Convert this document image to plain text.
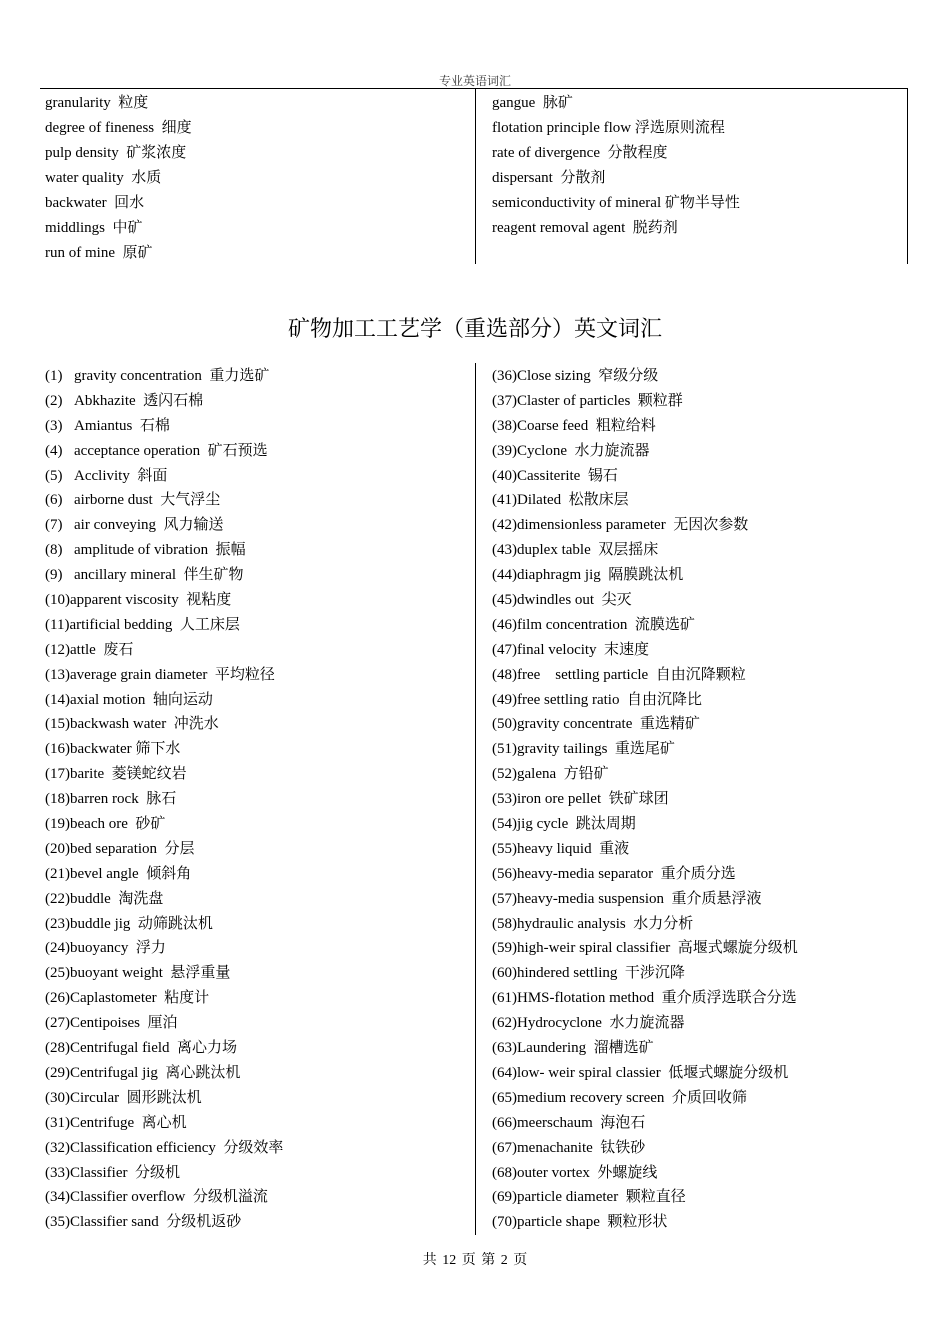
专业英语词汇
granularity  粒度
degree of fineness  细度
pulp density  矿浆浓度
water quality  水质
backwater  回水
middlings  中矿
run of mine  原矿
gangue  脉矿
flotation principle flow 浮选原则流程
rate of divergence  分散程度
dispersant  分散剂
semiconductivity of mineral 矿物半导性
reagent removal agent  脱药剂
矿物加工工艺学（重选部分）英文词汇
(1) gravity concentration  重力选矿
(2) Abkhazite  透闪石棉
(3) Amiantus  石棉
(4) acceptance operation  矿石预选
(5) Acclivity  斜面
(6) airborne dust  大气浮尘
(7) air conveying  风力输送
(8) amplitude of vibration  振幅
(9) ancillary mineral  伴生矿物
(10)apparent viscosity  视粘度
(11)artificial bedding  人工床层
(12)attle  废石
(13)average grain diameter  平均粒径
(14)axial motion  轴向运动
(15)backwash water  冲洗水
(16)backwater 筛下水
(17)barite  菱镁蛇纹岩
(18)barren rock  脉石
(19)beach ore  砂矿
(20)bed separation  分层
(21)bevel angle  倾斜角
(22)buddle  淘洗盘
(23)buddle jig  动筛跳汰机
(24)buoyancy  浮力
(25)buoyant weight  悬浮重量
(26)Caplastometer  粘度计
(27)Centipoises  厘泊
(28)Centrifugal field  离心力场
(29)Centrifugal jig  离心跳汰机
(30)Circular  圆形跳汰机
(31)Centrifuge  离心机
(32)Classification efficiency  分级效率
(33)Classifier  分级机
(34)Classifier overflow  分级机溢流
(35)Classifier sand  分级机返砂
(36)Close sizing  窄级分级
(37)Claster of particles  颗粒群
(38)Coarse feed  粗粒给料
(39)Cyclone  水力旋流器
(40)Cassiterite  锡石
(41)Dilated  松散床层
(42)dimensionless parameter  无因次参数
(43)duplex table  双层摇床
(44)diaphragm jig  隔膜跳汰机
(45)dwindles out  尖灭
(46)film concentration  流膜选矿
(47)final velocity  末速度
(48)free    settling particle  自由沉降颗粒
(49)free settling ratio  自由沉降比
(50)gravity concentrate  重选精矿
(51)gravity tailings  重选尾矿
(52)galena  方铅矿
(53)iron ore pellet  铁矿球团
(54)jig cycle  跳汰周期
(55)heavy liquid  重液
(56)heavy-media separator  重介质分选
(57)heavy-media suspension  重介质悬浮液
(58)hydraulic analysis  水力分析
(59)high-weir spiral classifier  高堰式螺旋分级机
(60)hindered settling  干涉沉降
(61)HMS-flotation method  重介质浮选联合分选
(62)Hydrocyclone  水力旋流器
(63)Laundering  溜槽选矿
(64)low- weir spiral classier  低堰式螺旋分级机
(65)medium recovery screen  介质回收筛
(66)meerschaum  海泡石
(67)menachanite  钛铁砂
(68)outer vortex  外螺旋线
(69)particle diameter  颗粒直径
(70)particle shape  颗粒形状
共 12 页 第 2 页
